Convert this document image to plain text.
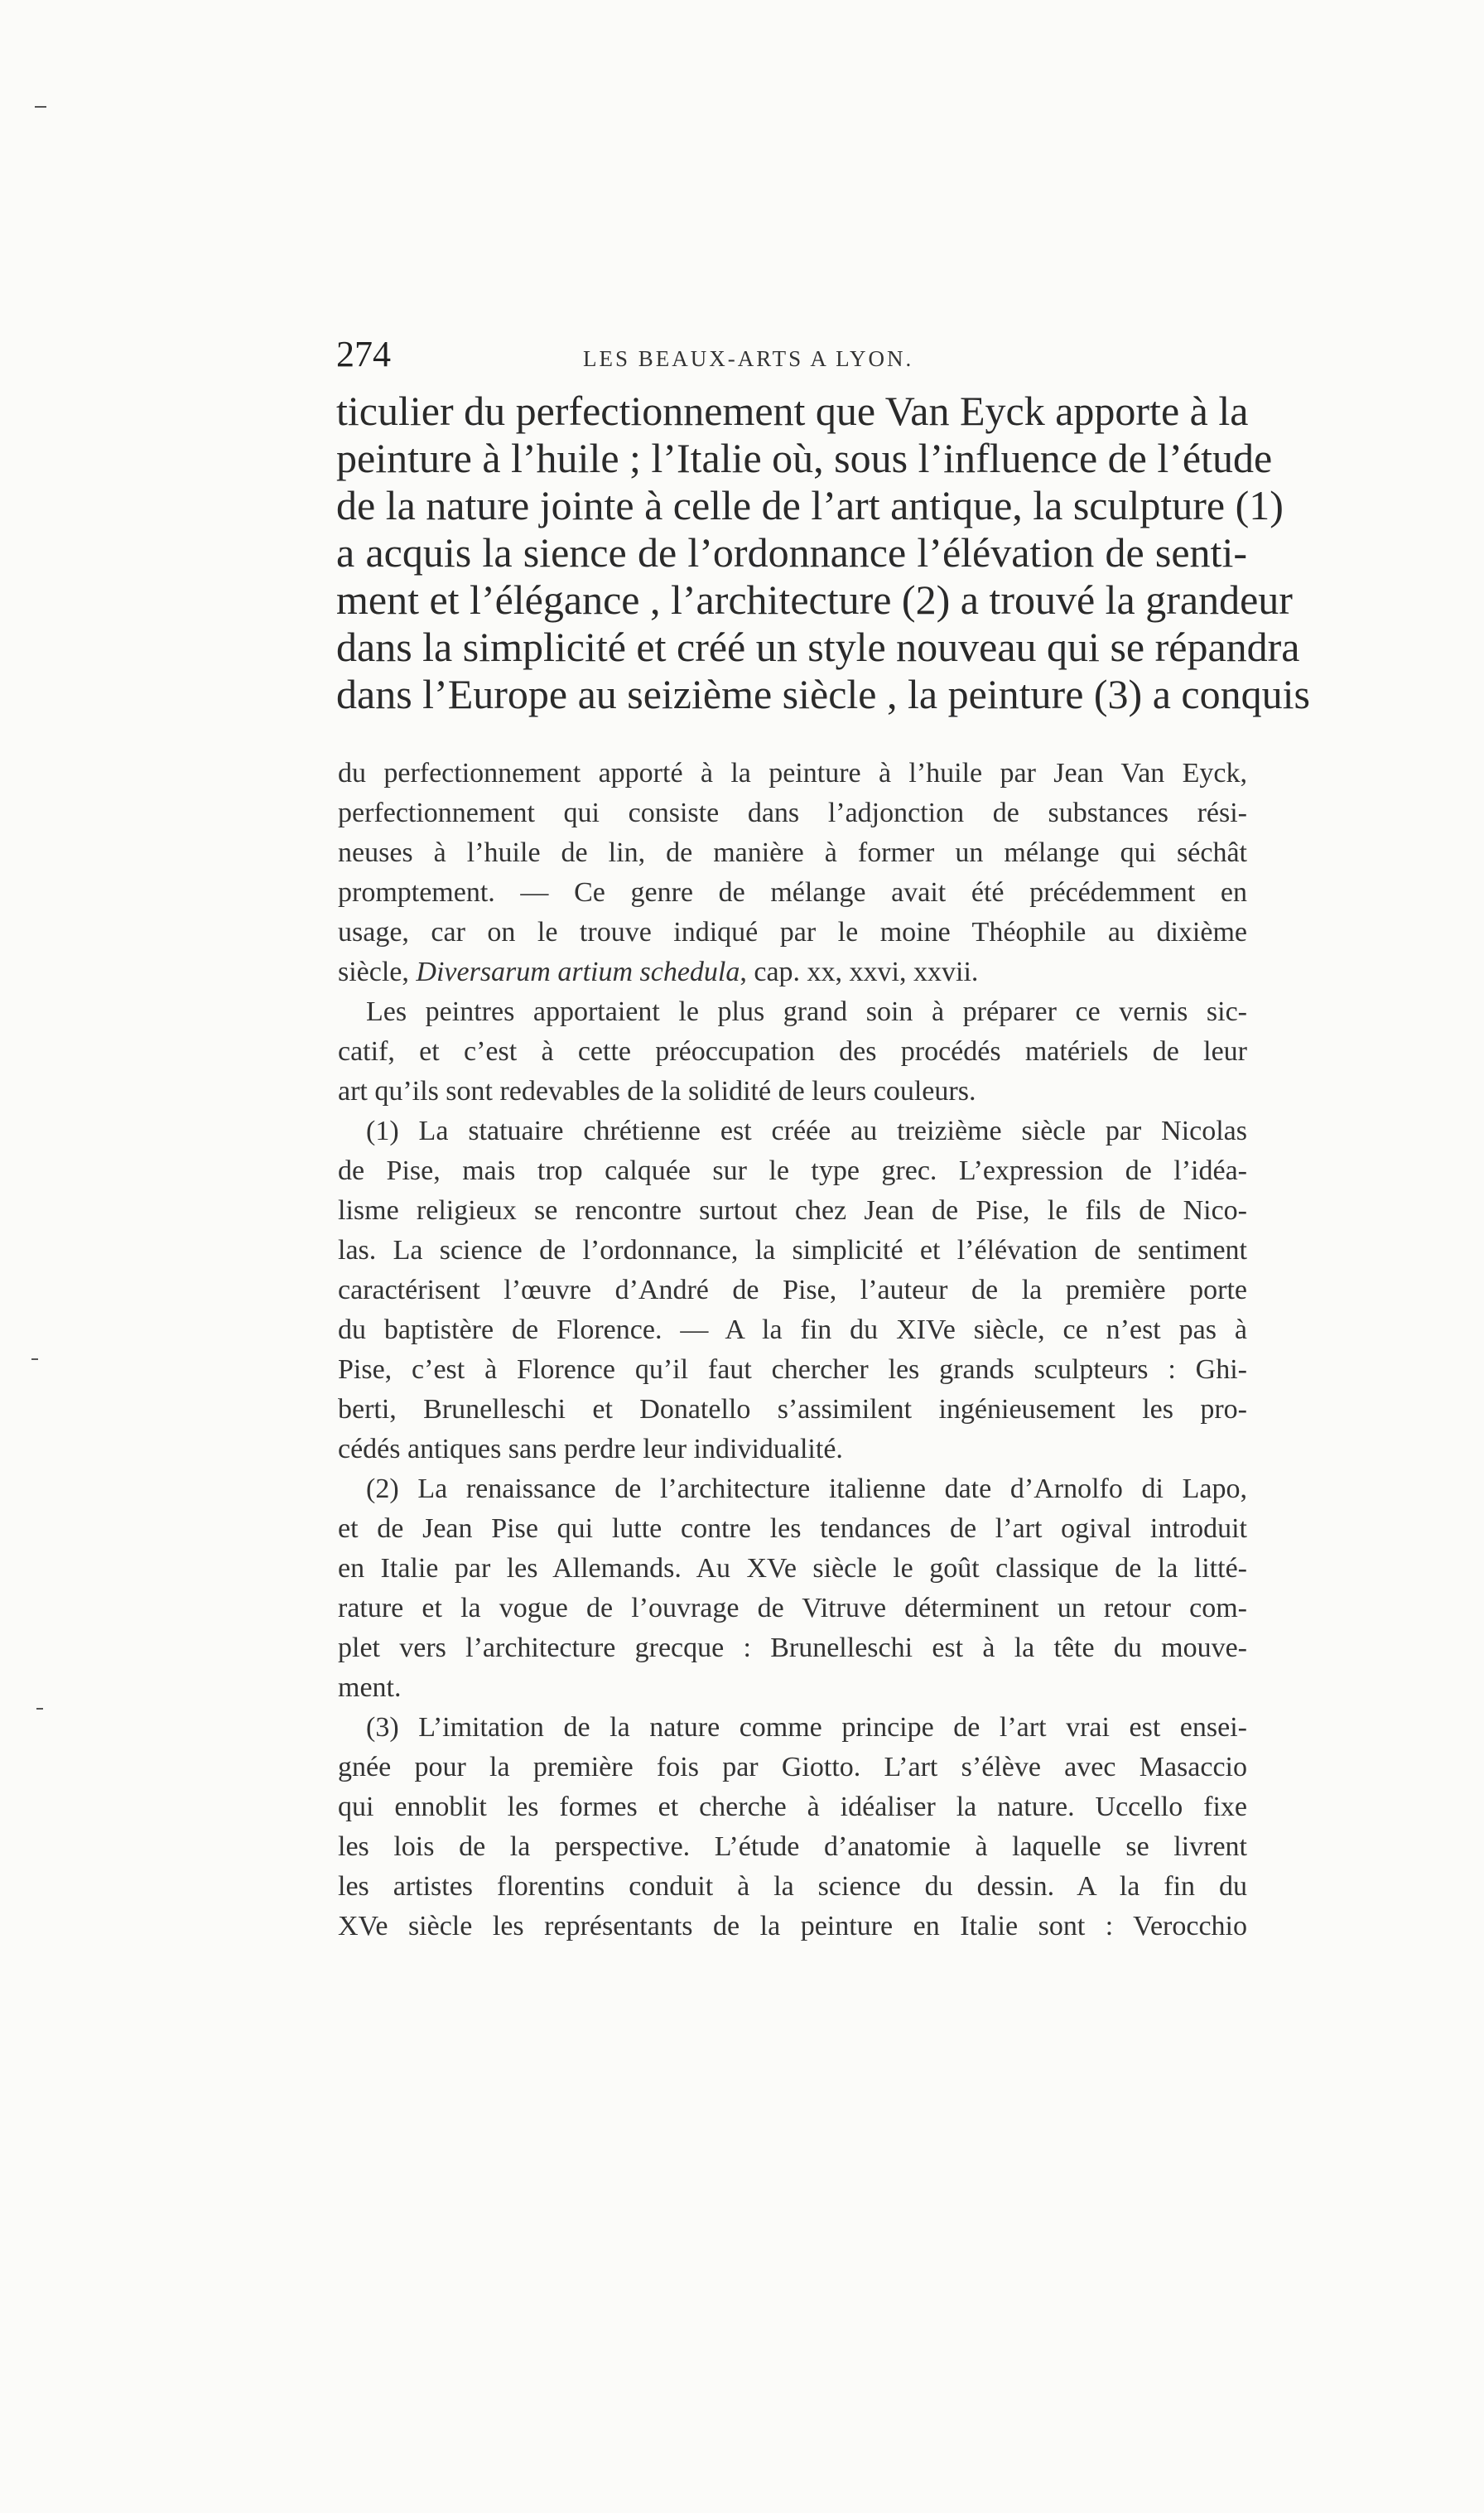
274	LES BEAUX-ARTS A LYON.
ticulier du perfectionnement que Van Eyck apporte à la
peinture à l’huile ; l’Italie où, sous l’influence de l’étude
de la nature jointe à celle de l’art antique, la sculpture (1)
a acquis la sience de l’ordonnance l’élévation de senti-
ment et l’élégance , l’architecture (2) a trouvé la grandeur
dans la simplicité et créé un style nouveau qui se répandra
dans l’Europe au seizième siècle , la peinture (3) a conquis
du perfectionnement apporté à la peinture à l’huile par Jean Van Eyck,
perfectionnement qui consiste dans l’adjonction de substances rési-
neuses à l’huile de lin, de manière à former un mélange qui séchât
promptement. — Ce genre de mélange avait été précédemment en
usage, car on le trouve indiqué par le moine Théophile au dixième
siècle, Diversarum artium schedula, cap. xx, xxvi, xxvii.
Les peintres apportaient le plus grand soin à préparer ce vernis sic-
catif, et c’est à cette préoccupation des procédés matériels de leur
art qu’ils sont redevables de la solidité de leurs couleurs.
(1) La statuaire chrétienne est créée au treizième siècle par Nicolas
de Pise, mais trop calquée sur le type grec. L’expression de l’idéa-
lisme religieux se rencontre surtout chez Jean de Pise, le fils de Nico-
las. La science de l’ordonnance, la simplicité et l’élévation de sentiment
caractérisent l’œuvre d’André de Pise, l’auteur de la première porte
du baptistère de Florence. — A la fin du XIVe siècle, ce n’est pas à
Pise, c’est à Florence qu’il faut chercher les grands sculpteurs : Ghi-
berti, Brunelleschi et Donatello s’assimilent ingénieusement les pro-
cédés antiques sans perdre leur individualité.
(2) La renaissance de l’architecture italienne date d’Arnolfo di Lapo,
et de Jean Pise qui lutte contre les tendances de l’art ogival introduit
en Italie par les Allemands. Au XVe siècle le goût classique de la litté-
rature et la vogue de l’ouvrage de Vitruve déterminent un retour com-
plet vers l’architecture grecque : Brunelleschi est à la tête du mouve-
ment.
(3) L’imitation de la nature comme principe de l’art vrai est ensei-
gnée pour la première fois par Giotto. L’art s’élève avec Masaccio
qui ennoblit les formes et cherche à idéaliser la nature. Uccello fixe
les lois de la perspective. L’étude d’anatomie à laquelle se livrent
les artistes florentins conduit à la science du dessin. A la fin du
XVe siècle les représentants de la peinture en Italie sont : Verocchio
